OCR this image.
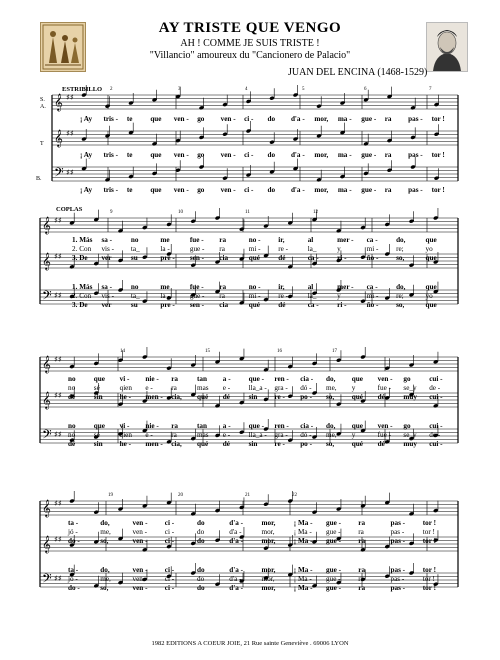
AY TRISTE QUE VENGO
AH ! COMME JE SUIS TRISTE !
"Villancio" amoureux du "Cancionero de Palacio"
JUAN DEL ENCINA (1468-1529)
𝄞 ♯♯
𝄞 ♯♯
𝄢 ♯♯
𝄞 ♯♯
𝄞 ♯♯
𝄢 ♯♯
𝄞 ♯♯
𝄞 ♯♯
𝄢 ♯♯
𝄞 ♯♯
𝄞 ♯♯
𝄢 ♯♯
ESTRIBILLO
COPLAS
S. A.
T
B.
¡ Ay tris - te que ven - go ven - ci - do d'a - mor, ma - gue - ra pas - tor !
¡ Ay tris - te que ven - go ven - ci - do d'a - mor, ma - gue - ra pas - tor !
¡ Ay tris - te que ven - go ven - ci - do d'a - mor, ma - gue - ra pas - tor !
1. Más sa -	no	me	fue - ra	no - ir,	al	mer - ca -	do,	que
2. Con vis - ta_	la -	gue - ra	mi - re -	la_	y	mi - re;	yo
3. De ver	su	pre - sen - cia	qué	dé	ca -	ri -	ño - so,	que
1. Más sa -	no	me	fue - ra	no - ir,	al	mer - ca -	do,	que
2. Con vis - ta_	la -	gue - ra	mi - re -	la_	y	mi - re;	yo
3. De ver	su	pre - sen - cia	qué	dé	ca -	ri -	ño - so,	que
no	que vi - nie - ra	tan a -	que - ren - cia - do, que ven - go	cui -
no	sé	qien e -	ra	mas e -	lla_a - gra - dó - me, y	fue - se_y de -
dé	sin he - men - cia, qué dé	sin re - po - so, qué dé	muy cui -
no	que vi - nie - ra	tan a -	que - ren - cia - do, que ven - go	cui -
no	sé	qien e -	ra	mas e -	lla_a - gra - dó - me, y	fue - se_y de -
dé	sin he - men - cia, qué dé	sin re - po - so, qué dé	muy cui -
ta -	do,	ven - ci -	do	d'a -	mor,	¡ Ma - gue - ra	pas - tor !
jó -	me,	ven - ci -	do	d'a -	mor,	¡ Ma - gue - ra	pas -	tor !
do -	so,	ven - ci -	do	d'a -	mor,	¡ Ma - gue - ra	pas - tor !
ta -	do,	ven - ci -	do	d'a -	mor,	¡ Ma - gue - ra	pas - tor !
jó -	me,	ven - ci -	do	d'a -	mor,	¡ Ma - gue - ra	pas -	tor !
do -	so,	ven - ci -	do	d'a -	mor,	¡ Ma - gue - ra	pas - tor !
2	3	4	5	6	7
9	10	11	12
14	15	16	17
19	20	21	22
1982 EDITIONS A COEUR JOIE, 21 Rue sainte Geneviève . 69006 LYON
